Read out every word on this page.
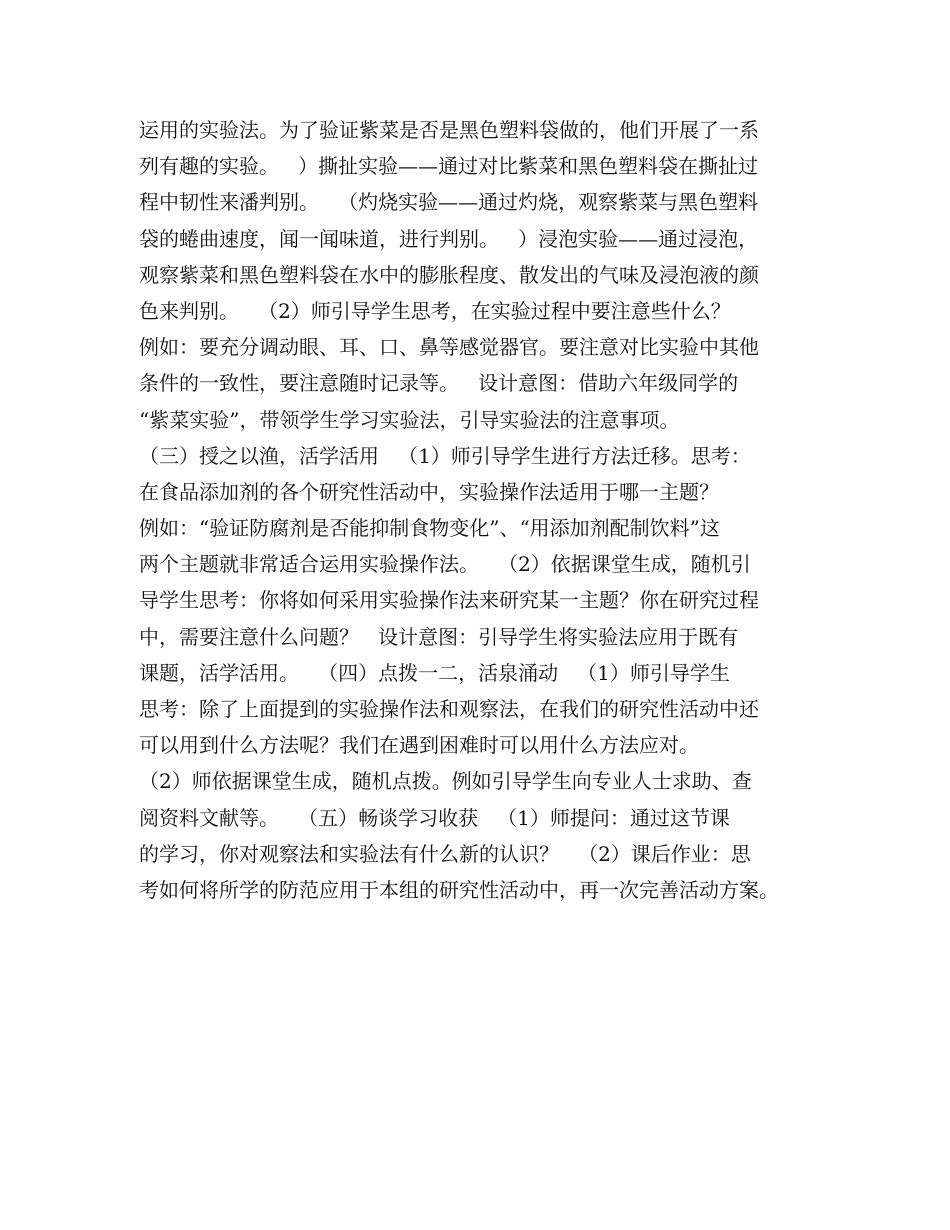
运用的实验法。为了验证紫菜是否是黑色塑料袋做的，他们开展了一系
列有趣的实验。   ）撕扯实验——通过对比紫菜和黑色塑料袋在撕扯过
程中韧性来潘判别。   （灼烧实验——通过灼烧，观察紫菜与黑色塑料
袋的蜷曲速度，闻一闻味道，进行判别。   ）浸泡实验——通过浸泡，
观察紫菜和黑色塑料袋在水中的膨胀程度、散发出的气味及浸泡液的颜
色来判别。   （2）师引导学生思考，在实验过程中要注意些什么？
例如：要充分调动眼、耳、口、鼻等感觉器官。要注意对比实验中其他
条件的一致性，要注意随时记录等。   设计意图：借助六年级同学的
“紫菜实验”，带领学生学习实验法，引导实验法的注意事项。
（三）授之以渔，活学活用   （1）师引导学生进行方法迁移。思考：
在食品添加剂的各个研究性活动中，实验操作法适用于哪一主题？
例如：“验证防腐剂是否能抑制食物变化”、“用添加剂配制饮料”这
两个主题就非常适合运用实验操作法。   （2）依据课堂生成，随机引
导学生思考：你将如何采用实验操作法来研究某一主题？你在研究过程
中，需要注意什么问题？   设计意图：引导学生将实验法应用于既有
课题，活学活用。   （四）点拨一二，活泉涌动   （1）师引导学生
思考：除了上面提到的实验操作法和观察法，在我们的研究性活动中还
可以用到什么方法呢？我们在遇到困难时可以用什么方法应对。
（2）师依据课堂生成，随机点拨。例如引导学生向专业人士求助、查
阅资料文献等。   （五）畅谈学习收获   （1）师提问：通过这节课
的学习，你对观察法和实验法有什么新的认识？   （2）课后作业：思
考如何将所学的防范应用于本组的研究性活动中，再一次完善活动方案。
